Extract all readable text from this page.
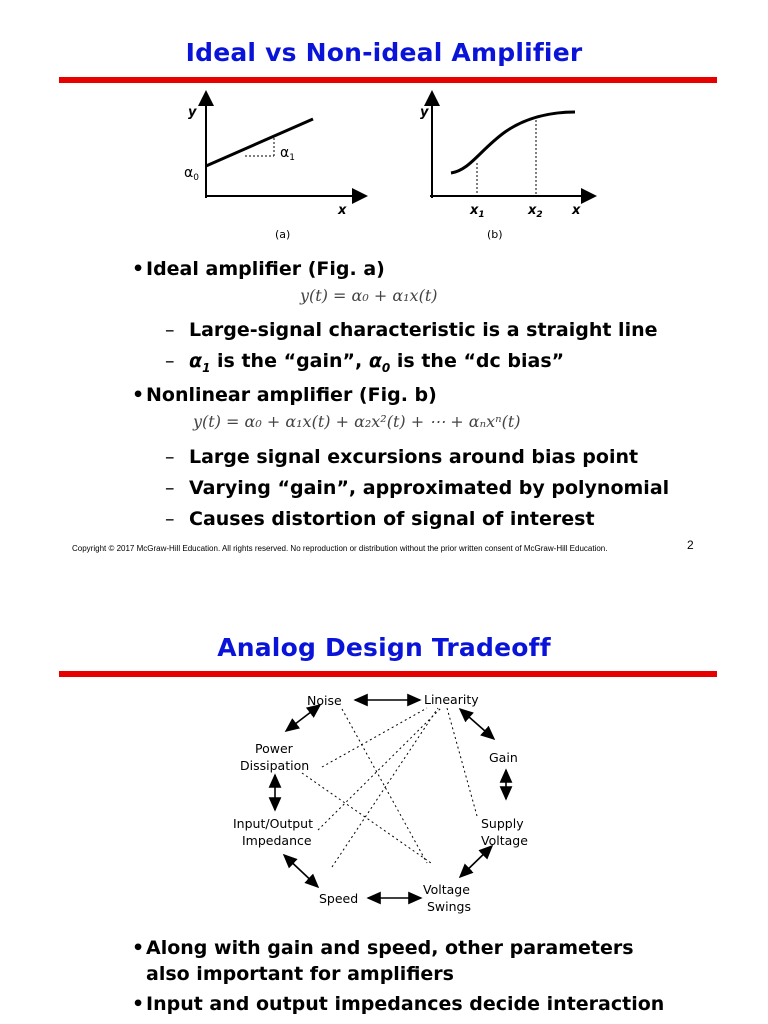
Ideal vs Non-ideal Amplifier
y
x
$\alpha_0$
$\alpha_1$
(a)
y
x
$x_1$	$x_2$
(b)
• Ideal amplifier (Fig. a)
y(t) = α₀ + α₁x(t)
– Large-signal characteristic is a straight line
– $\alpha_1$ is the “gain”, $\alpha_0$ is the “dc bias”
• Nonlinear amplifier (Fig. b)
y(t) = α₀ + α₁x(t) + α₂x²(t) + ⋯ + αₙxⁿ(t)
– Large signal excursions around bias point
– Varying “gain”, approximated by polynomial
– Causes distortion of signal of interest
Copyright © 2017 McGraw-Hill Education. All rights reserved. No reproduction or distribution without the prior written consent of McGraw-Hill Education.	2
Analog Design Tradeoff
Noise	Linearity
Power
Dissipation
Gain
Input/Output
Impedance
Supply
Voltage
Speed
Voltage
Swings
• Along with gain and speed, other parameters
also important for amplifiers
• Input and output impedances decide interaction
